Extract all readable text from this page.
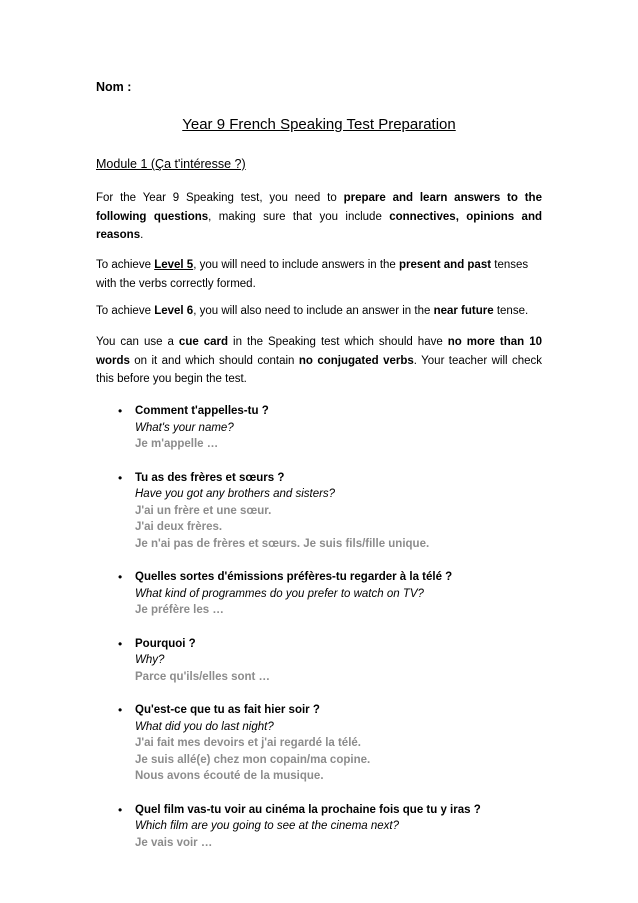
Nom :
Year 9 French Speaking Test Preparation
Module 1 (Ça t'intéresse ?)
For the Year 9 Speaking test, you need to prepare and learn answers to the following questions, making sure that you include connectives, opinions and reasons.
To achieve Level 5, you will need to include answers in the present and past tenses with the verbs correctly formed.
To achieve Level 6, you will also need to include an answer in the near future tense.
You can use a cue card in the Speaking test which should have no more than 10 words on it and which should contain no conjugated verbs. Your teacher will check this before you begin the test.
• Comment t'appelles-tu ?
What's your name?
Je m'appelle …
• Tu as des frères et sœurs ?
Have you got any brothers and sisters?
J'ai un frère et une sœur.
J'ai deux frères.
Je n'ai pas de frères et sœurs. Je suis fils/fille unique.
• Quelles sortes d'émissions préfères-tu regarder à la télé ?
What kind of programmes do you prefer to watch on TV?
Je préfère les …
• Pourquoi ?
Why?
Parce qu'ils/elles sont …
• Qu'est-ce que tu as fait hier soir ?
What did you do last night?
J'ai fait mes devoirs et j'ai regardé la télé.
Je suis allé(e) chez mon copain/ma copine.
Nous avons écouté de la musique.
• Quel film vas-tu voir au cinéma la prochaine fois que tu y iras ?
Which film are you going to see at the cinema next?
Je vais voir …
